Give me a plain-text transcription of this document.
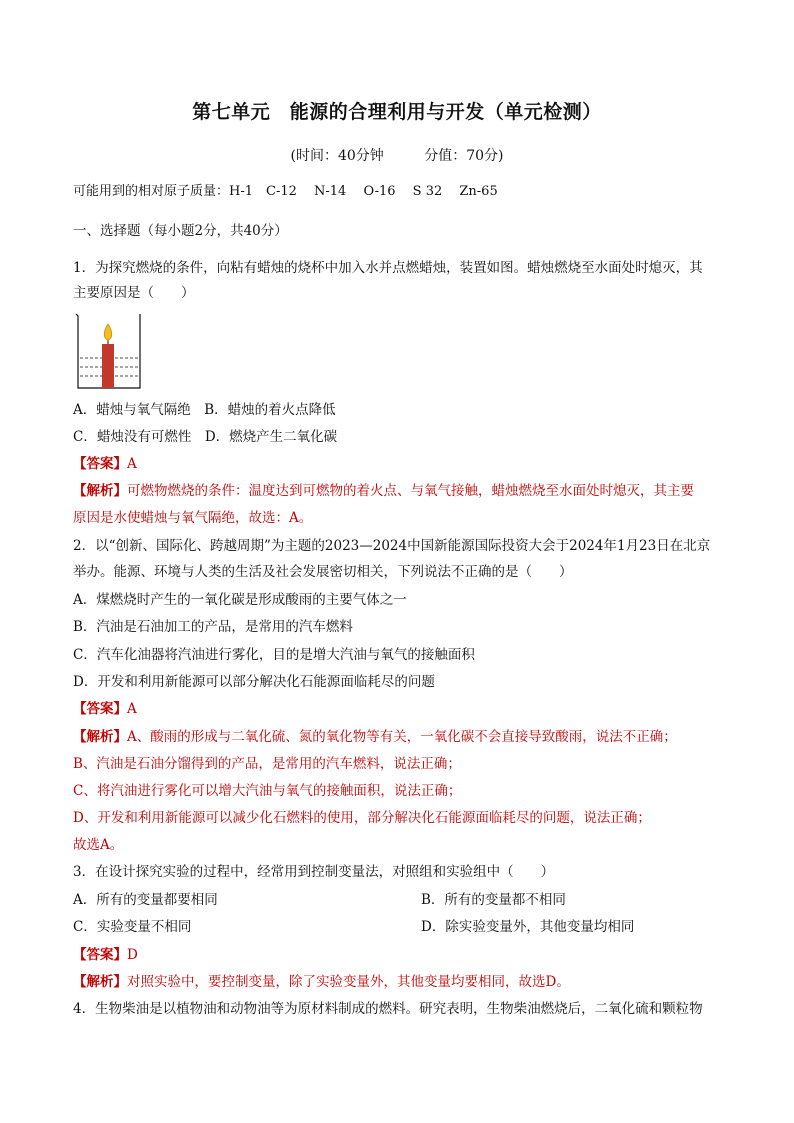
第七单元　能源的合理利用与开发（单元检测）
(时间：40分钟	分值：70分)
可能用到的相对原子质量：H-1　C-12　 N-14　 O-16　 S 32　 Zn-65
一、选择题（每小题2分，共40分）
1．为探究燃烧的条件，向粘有蜡烛的烧杯中加入水并点燃蜡烛，装置如图。蜡烛燃烧至水面处时熄灭，其
主要原因是（　　）
A．蜡烛与氧气隔绝　 B．蜡烛的着火点降低
C．蜡烛没有可燃性　 D．燃烧产生二氧化碳
【答案】A
【解析】可燃物燃烧的条件：温度达到可燃物的着火点、与氧气接触，蜡烛燃烧至水面处时熄灭，其主要
原因是水使蜡烛与氧气隔绝，故选：A。
2．以“创新、国际化、跨越周期”为主题的2023—2024中国新能源国际投资大会于2024年1月23日在北京
举办。能源、环境与人类的生活及社会发展密切相关，下列说法不正确的是（　　）
A．煤燃烧时产生的一氧化碳是形成酸雨的主要气体之一
B．汽油是石油加工的产品，是常用的汽车燃料
C．汽车化油器将汽油进行雾化，目的是增大汽油与氧气的接触面积
D．开发和利用新能源可以部分解决化石能源面临耗尽的问题
【答案】A
【解析】A、酸雨的形成与二氧化硫、氮的氧化物等有关，一氧化碳不会直接导致酸雨，说法不正确；
B、汽油是石油分馏得到的产品，是常用的汽车燃料，说法正确；
C、将汽油进行雾化可以增大汽油与氧气的接触面积，说法正确；
D、开发和利用新能源可以减少化石燃料的使用，部分解决化石能源面临耗尽的问题，说法正确；
故选A。
3．在设计探究实验的过程中，经常用到控制变量法，对照组和实验组中（　　）
A．所有的变量都要相同	B．所有的变量都不相同
C．实验变量不相同	D．除实验变量外，其他变量均相同
【答案】D
【解析】对照实验中，要控制变量，除了实验变量外，其他变量均要相同，故选D。
4．生物柴油是以植物油和动物油等为原材料制成的燃料。研究表明，生物柴油燃烧后，二氧化硫和颗粒物
